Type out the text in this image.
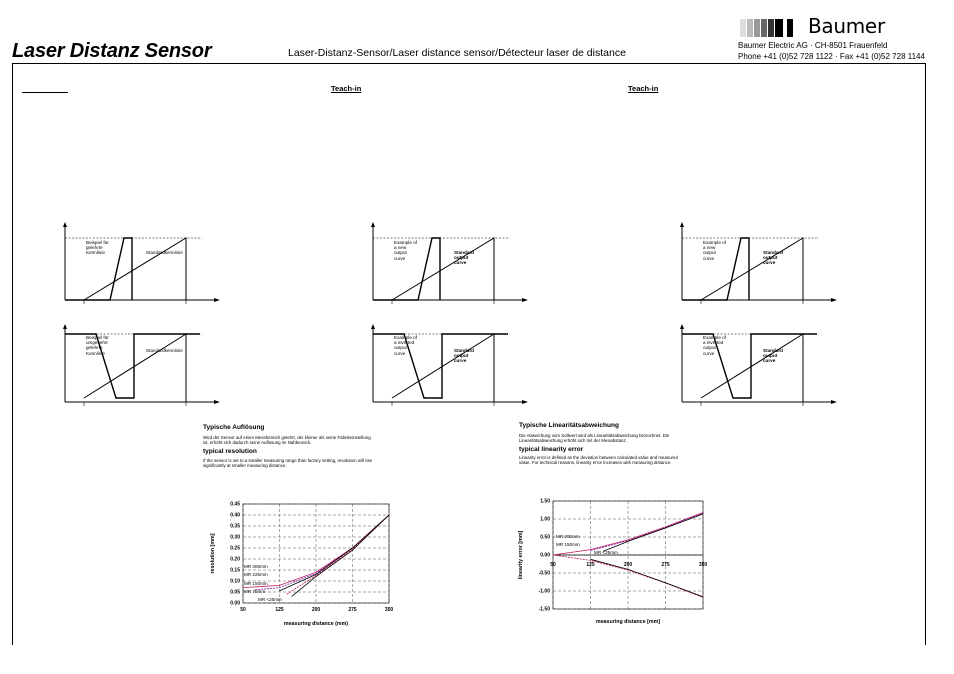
Laser Distanz Sensor	Laser-Distanz-Sensor/Laser distance sensor/Détecteur laser de distance
Baumer
Baumer Electric AG · CH-8501 Frauenfeld
Phone +41 (0)52 728 1122 · Fax +41 (0)52 728 1144
Teach-in	Teach-in
Beispiel für gelehrte Kennlinie	Standardkennlinie
Example of a new output curve
Standard output curve
Example of a new output curve
Standard output curve
Beispiel für umgekehrt gelehrte Kennlinie
Standardkennlinie
Example of a inverted output curve
Standard output curve
Example of a inverted output curve
Standard output curve
Typische Auflösung
Wird der Sensor auf einen Messbereich gelehrt, der kleiner als seine Fabrikeinstellung ist, erhöht sich dadurch seine Auflösung im Nahbereich.
typical resolution
If the sensor is set to a smaller measuring range than factory setting, resolution will rise significantly at smaller measuring distance.
Typische Linearitätsabweichung
Die Abweichung vom Sollwert wird als Linearitätsabweichung bezeichnet. Die Linearitätsabweichung erhöht sich mit der Messdistanz.
typical linearity error
Linearity error is defined as the deviation between calculated value and measured value. For technical reasons, linearity error increases with measuring distance.
50	125	200	275	350
0.00
0.05
0.10
0.15
0.20
0.25
0.30
0.35
0.40
0.45
MR 300mm
MR 225mm
MR 150mm
MR 75mm
MR <25mm
measuring distance (mm)
resolution [mm]	50	125	200	275	350
1.50
1.00
0.50
0.00
-0.50
-1.00
-1.50
MR 300mm
MR 150mm
MR <25mm
measuring distance [mm]
linearity error [mm]
